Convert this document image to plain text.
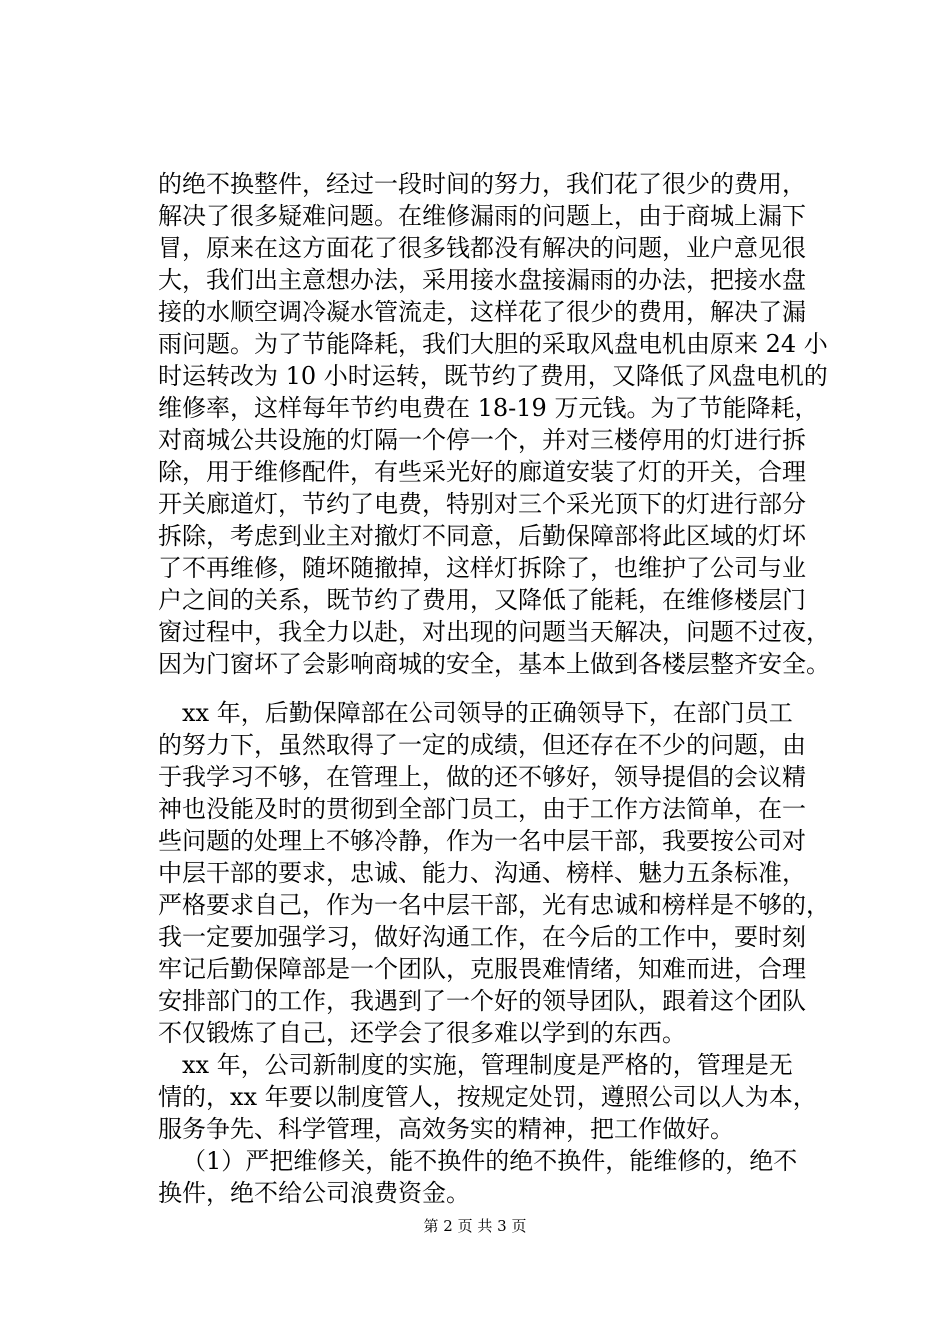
的绝不换整件，经过一段时间的努力，我们花了很少的费用，
解决了很多疑难问题。在维修漏雨的问题上，由于商城上漏下
冒，原来在这方面花了很多钱都没有解决的问题，业户意见很
大，我们出主意想办法，采用接水盘接漏雨的办法，把接水盘
接的水顺空调冷凝水管流走，这样花了很少的费用，解决了漏
雨问题。为了节能降耗，我们大胆的采取风盘电机由原来 24 小
时运转改为 10 小时运转，既节约了费用，又降低了风盘电机的
维修率，这样每年节约电费在 18-19 万元钱。为了节能降耗，
对商城公共设施的灯隔一个停一个，并对三楼停用的灯进行拆
除，用于维修配件，有些采光好的廊道安装了灯的开关，合理
开关廊道灯，节约了电费，特别对三个采光顶下的灯进行部分
拆除，考虑到业主对撤灯不同意，后勤保障部将此区域的灯坏
了不再维修，随坏随撤掉，这样灯拆除了，也维护了公司与业
户之间的关系，既节约了费用，又降低了能耗，在维修楼层门
窗过程中，我全力以赴，对出现的问题当天解决，问题不过夜，
因为门窗坏了会影响商城的安全，基本上做到各楼层整齐安全。
xx 年，后勤保障部在公司领导的正确领导下，在部门员工
的努力下，虽然取得了一定的成绩，但还存在不少的问题，由
于我学习不够，在管理上，做的还不够好，领导提倡的会议精
神也没能及时的贯彻到全部门员工，由于工作方法简单，在一
些问题的处理上不够冷静，作为一名中层干部，我要按公司对
中层干部的要求，忠诚、能力、沟通、榜样、魅力五条标准，
严格要求自己，作为一名中层干部，光有忠诚和榜样是不够的，
我一定要加强学习，做好沟通工作，在今后的工作中，要时刻
牢记后勤保障部是一个团队，克服畏难情绪，知难而进，合理
安排部门的工作，我遇到了一个好的领导团队，跟着这个团队
不仅锻炼了自己，还学会了很多难以学到的东西。
xx 年，公司新制度的实施，管理制度是严格的，管理是无
情的，xx 年要以制度管人，按规定处罚，遵照公司以人为本，
服务争先、科学管理，高效务实的精神，把工作做好。
（1）严把维修关，能不换件的绝不换件，能维修的，绝不
换件，绝不给公司浪费资金。
第 2 页 共 3 页
